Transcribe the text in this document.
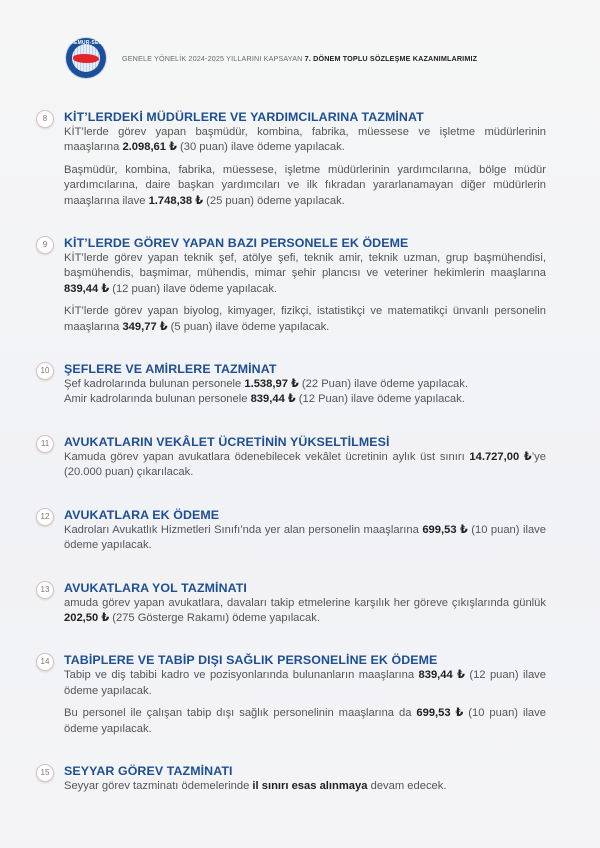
MEMUR-SEN
GENELE YÖNELİK 2024-2025 YILLARINI KAPSAYAN 7. DÖNEM TOPLU SÖZLEŞME KAZANIMLARIMIZ
8	KİT’LERDEKİ MÜDÜRLERE VE YARDIMCILARINA TAZMİNAT

KİT’lerde görev yapan başmüdür, kombina, fabrika, müessese ve işletme müdürlerinin maaşlarına 2.098,61 ₺ (30 puan) ilave ödeme yapılacak.

Başmüdür, kombina, fabrika, müessese, işletme müdürlerinin yardımcılarına, bölge müdür yardımcılarına, daire başkan yardımcıları ve ilk fıkradan yararlanamayan diğer müdürlerin maaşlarına ilave 1.748,38 ₺ (25 puan) ödeme yapılacak.

9	KİT’LERDE GÖREV YAPAN BAZI PERSONELE EK ÖDEME

KİT’lerde görev yapan teknik şef, atölye şefi, teknik amir, teknik uzman, grup başmühendisi, başmühendis, başmimar, mühendis, mimar şehir plancısı ve veteriner hekimlerin maaşlarına 839,44 ₺ (12 puan) ilave ödeme yapılacak.

KİT’lerde görev yapan biyolog, kimyager, fizikçi, istatistikçi ve matematikçi ünvanlı personelin maaşlarına 349,77 ₺ (5 puan) ilave ödeme yapılacak.

10	ŞEFLERE VE AMİRLERE TAZMİNAT

Şef kadrolarında bulunan personele 1.538,97 ₺ (22 Puan) ilave ödeme yapılacak.

Amir kadrolarında bulunan personele 839,44 ₺ (12 Puan) ilave ödeme yapılacak.

11	AVUKATLARIN VEKÂLET ÜCRETİNİN YÜKSELTİLMESİ

Kamuda görev yapan avukatlara ödenebilecek vekâlet ücretinin aylık üst sınırı 14.727,00 ₺’ye (20.000 puan) çıkarılacak.

12	AVUKATLARA EK ÖDEME

Kadroları Avukatlık Hizmetleri Sınıfı’nda yer alan personelin maaşlarına 699,53 ₺ (10 puan) ilave ödeme yapılacak.

13	AVUKATLARA YOL TAZMİNATI

amuda görev yapan avukatlara, davaları takip etmelerine karşılık her göreve çıkışlarında günlük 202,50 ₺ (275 Gösterge Rakamı) ödeme yapılacak.

14	TABİPLERE VE TABİP DIŞI SAĞLIK PERSONELİNE EK ÖDEME

Tabip ve diş tabibi kadro ve pozisyonlarında bulunanların maaşlarına 839,44 ₺ (12 puan) ilave ödeme yapılacak.

Bu personel ile çalışan tabip dışı sağlık personelinin maaşlarına da 699,53 ₺ (10 puan) ilave ödeme yapılacak.

15	SEYYAR GÖREV TAZMİNATI

Seyyar görev tazminatı ödemelerinde il sınırı esas alınmaya devam edecek.
